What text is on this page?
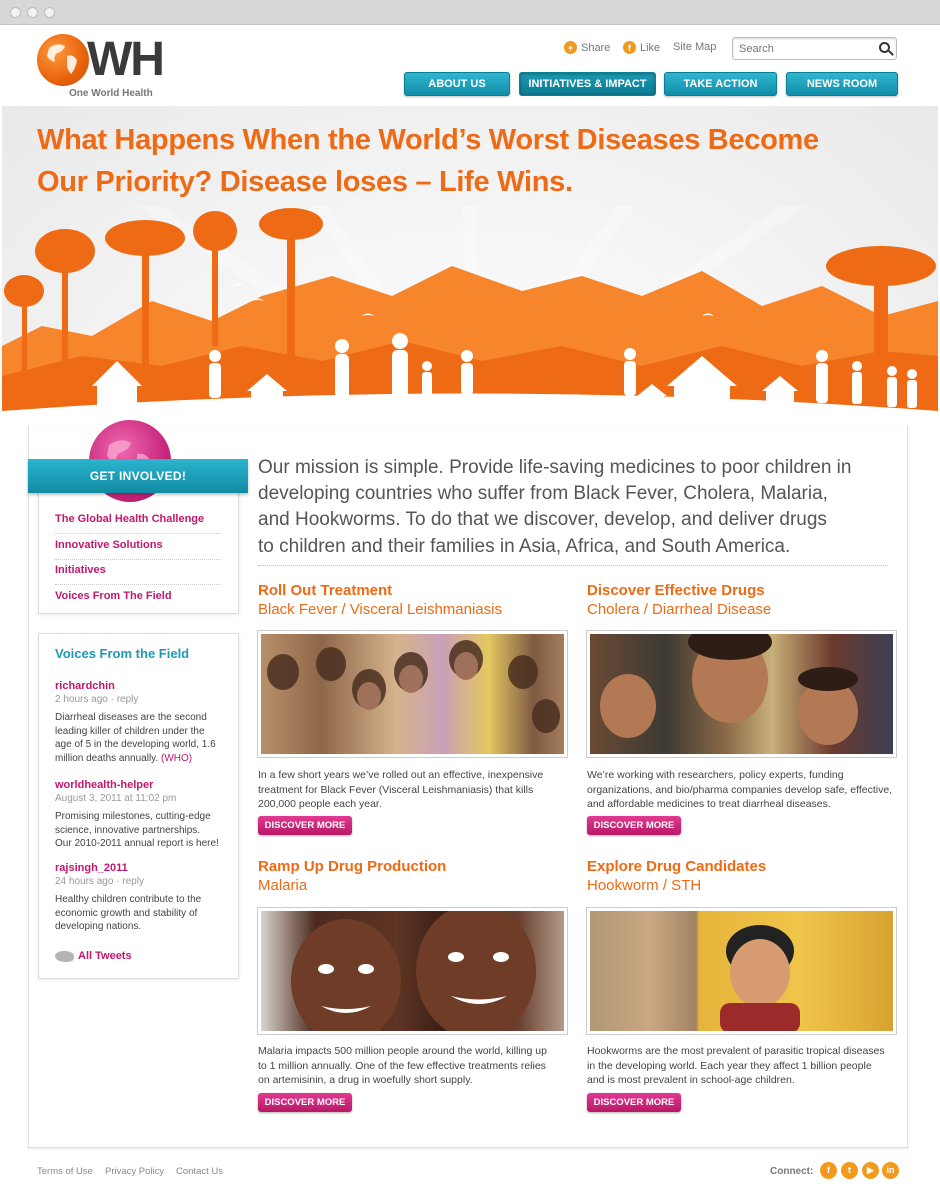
WH
One World Health
+ Share	f Like Site Map
Search
ABOUT US	INITIATIVES & IMPACT	TAKE ACTION	NEWS ROOM
What Happens When the World’s Worst Diseases Become
Our Priority? Disease loses – Life Wins.
GET INVOLVED!
The Global Health Challenge
Innovative Solutions
Initiatives
Voices From The Field
Voices From the Field
richardchin
2 hours ago · reply
Diarrheal diseases are the second
leading killer of children under the
age of 5 in the developing world, 1.6
million deaths annually. (WHO)
worldhealth-helper
August 3, 2011 at 11:02 pm
Promising milestones, cutting-edge
science, innovative partnerships.
Our 2010-2011 annual report is here!
rajsingh_2011
24 hours ago · reply
Healthy children contribute to the
economic growth and stability of
developing nations.
All Tweets
Our mission is simple. Provide life-saving medicines to poor children in
developing countries who suffer from Black Fever, Cholera, Malaria,
and Hookworms. To do that we discover, develop, and deliver drugs
to children and their families in Asia, Africa, and South America.
Roll Out Treatment
Black Fever / Visceral Leishmaniasis
In a few short years we’ve rolled out an effective, inexpensive
treatment for Black Fever (Visceral Leishmaniasis) that kills
200,000 people each year.
DISCOVER MORE
Discover Effective Drugs
Cholera / Diarrheal Disease
We’re working with researchers, policy experts, funding
organizations, and bio/pharma companies develop safe, effective,
and affordable medicines to treat diarrheal diseases.
DISCOVER MORE
Ramp Up Drug Production
Malaria
Malaria impacts 500 million people around the world, killing up
to 1 million annually. One of the few effective treatments relies
on artemisinin, a drug in woefully short supply.
DISCOVER MORE
Explore Drug Candidates
Hookworm / STH
Hookworms are the most prevalent of parasitic tropical diseases
in the developing world. Each year they affect 1 billion people
and is most prevalent in school-age children.
DISCOVER MORE
Terms of Use Privacy Policy Contact Us	Connect:	f	t	▶	in
